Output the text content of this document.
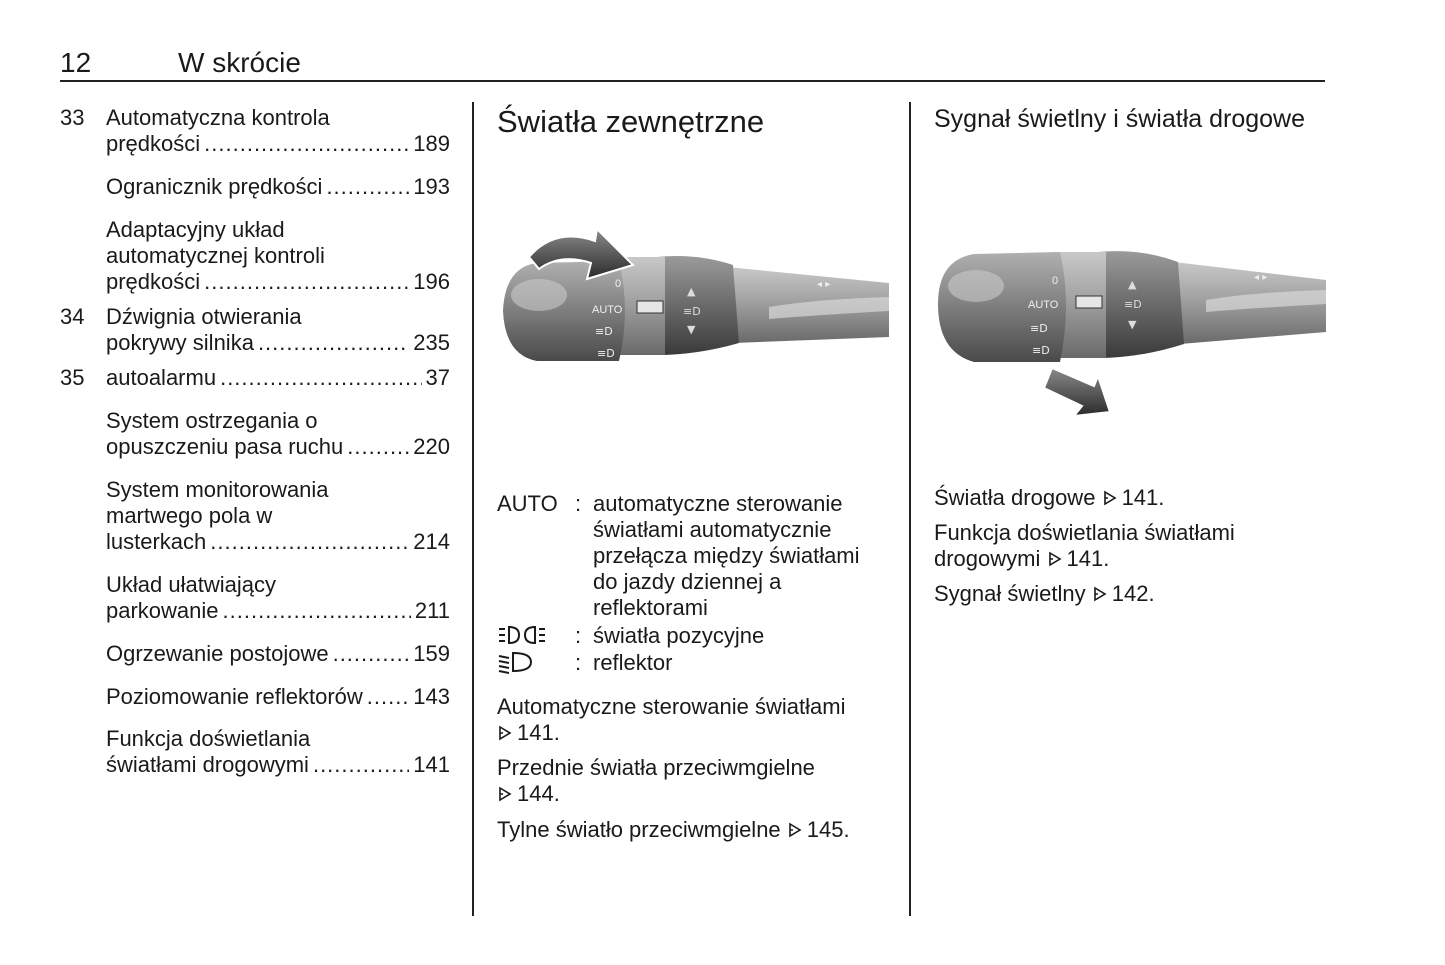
12	W skrócie
33 Automatyczna kontrola
prędkości .....	189
Ogranicznik prędkości .....	193
Adaptacyjny układ
automatycznej kontroli
prędkości .....	196
34 Dźwignia otwierania
pokrywy silnika .....	235
35 autoalarmu .....	37
System ostrzegania o
opuszczeniu pasa ruchu .....	220
System monitorowania
martwego pola w
lusterkach .....	214
Układ ułatwiający
parkowanie .....	211
Ogrzewanie postojowe .....	159
Poziomowanie reflektorów ..... 143
Funkcja doświetlania
światłami drogowymi .....	141
Światła zewnętrzne
0
AUTO
≡D
≡D
▲
≡D
▼
◂ ▸
AUTO : automatyczne sterowanie
światłami automatycznie
przełącza między światłami
do jazdy dziennej a
reflektorami
: światła pozycyjne
: reflektor
Automatyczne sterowanie światłami
141.
Przednie światła przeciwmgielne
144.
Tylne światło przeciwmgielne 145.
Sygnał świetlny i światła drogowe
0
AUTO
≡D
≡D
▲
≡D
▼
◂ ▸
Światła drogowe 141.
Funkcja doświetlania światłami drogowymi 141.
Sygnał świetlny 142.
